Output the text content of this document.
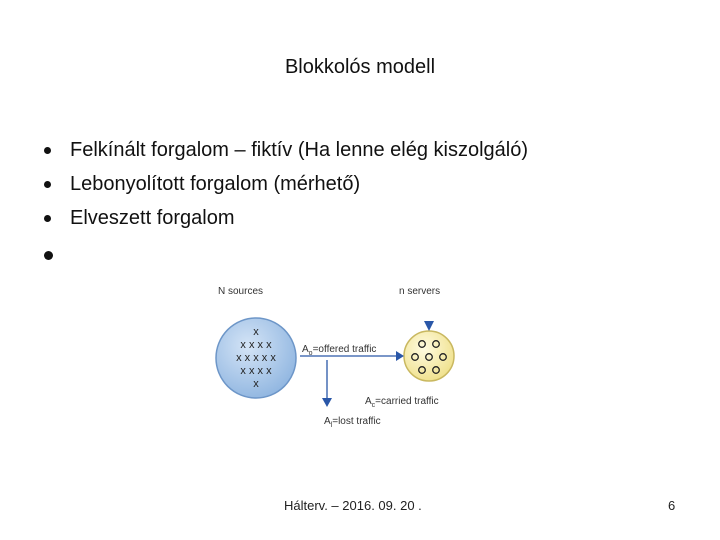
Blokkolós modell
Felkínált forgalom – fiktív (Ha lenne elég kiszolgáló)
Lebonyolított forgalom (mérhető)
Elveszett forgalom
N sources	n servers
x
x x x x
x x x x x
x x x x
x
$A_o=offered$ traffic
$A_c=carried$ traffic
$A_l=lost$ traffic
Hálterv. – 2016. 09. 20 .	6
